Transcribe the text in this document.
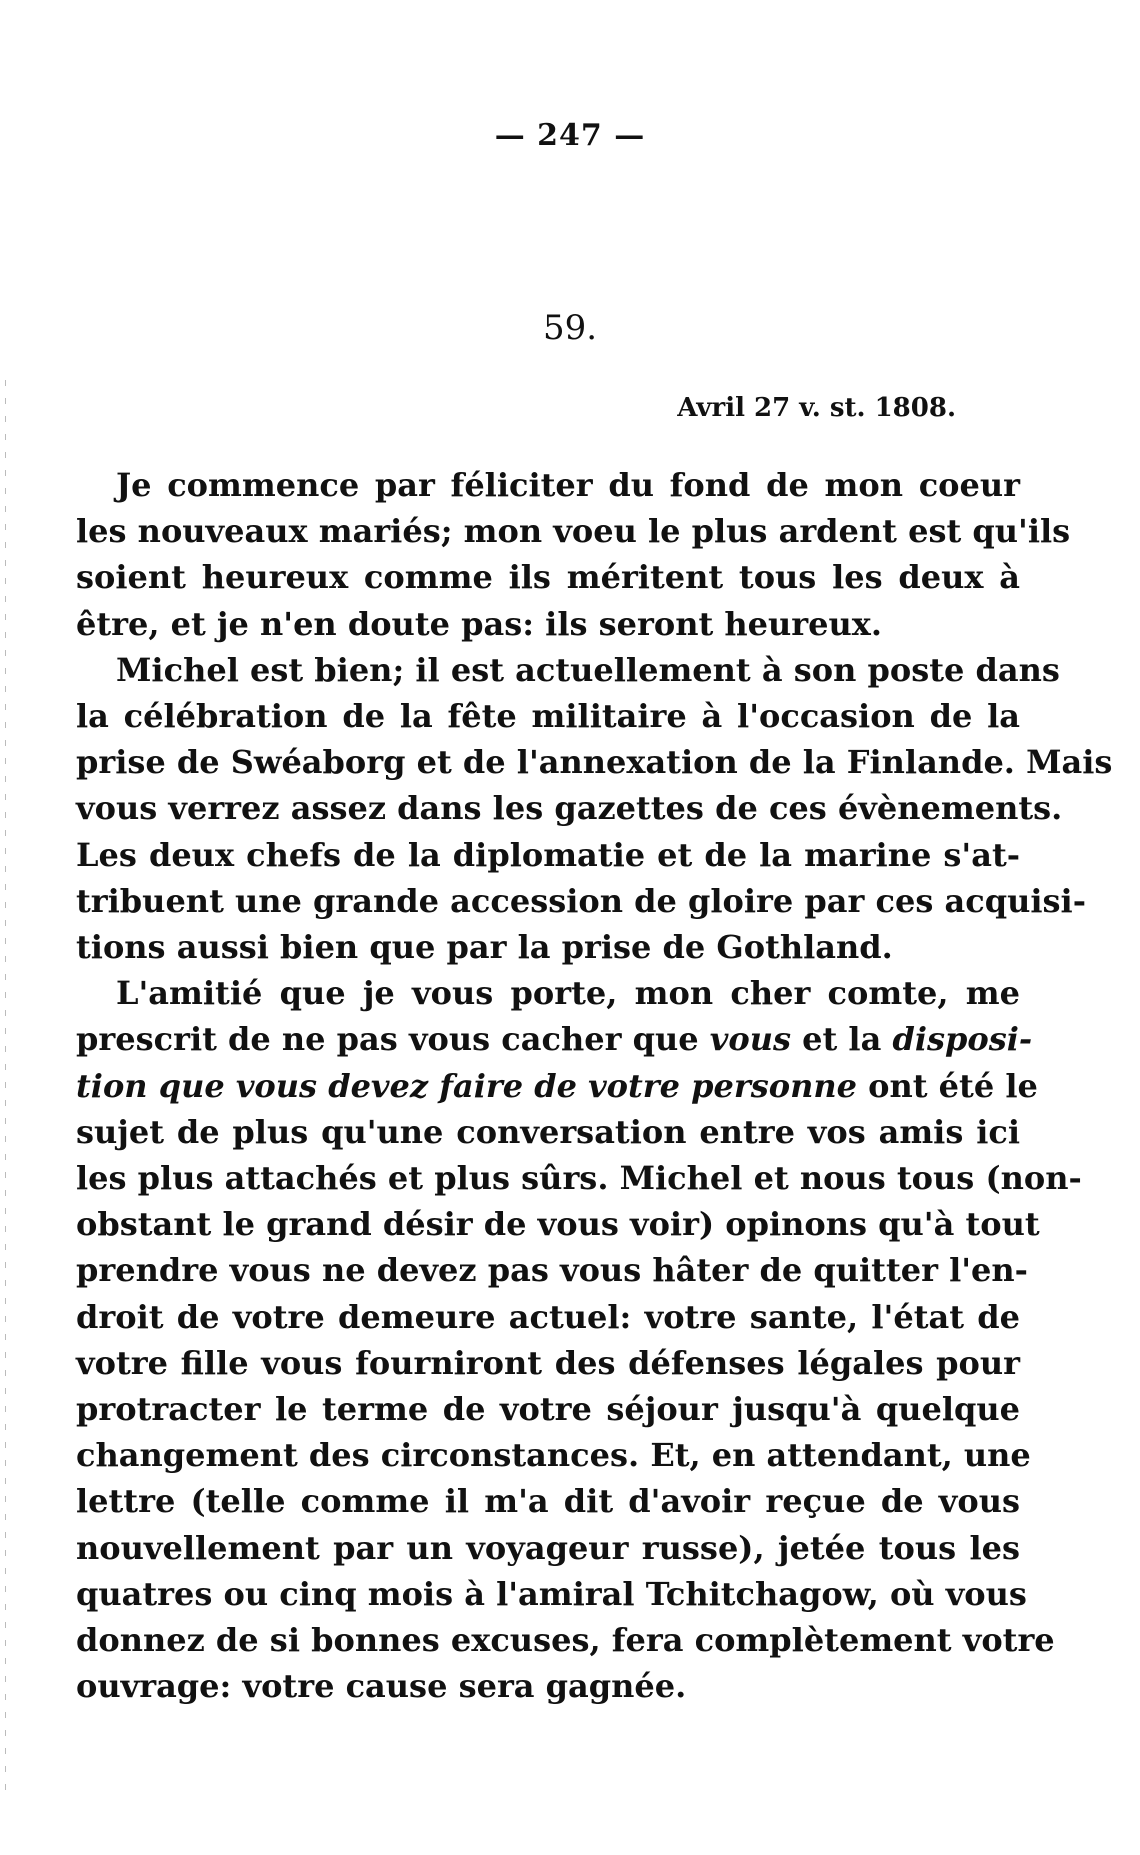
— 247 —
59.
Avril 27 v. st. 1808.
Je commence par féliciter du fond de mon coeur
les nouveaux mariés; mon voeu le plus ardent est qu'ils
soient heureux comme ils méritent tous les deux à
être, et je n'en doute pas: ils seront heureux.
Michel est bien; il est actuellement à son poste dans
la célébration de la fête militaire à l'occasion de la
prise de Swéaborg et de l'annexation de la Finlande. Mais
vous verrez assez dans les gazettes de ces évènements.
Les deux chefs de la diplomatie et de la marine s'at-
tribuent une grande accession de gloire par ces acquisi-
tions aussi bien que par la prise de Gothland.
L'amitié que je vous porte, mon cher comte, me
prescrit de ne pas vous cacher que vous et la disposi-
tion que vous devez faire de votre personne ont été le
sujet de plus qu'une conversation entre vos amis ici
les plus attachés et plus sûrs. Michel et nous tous (non-
obstant le grand désir de vous voir) opinons qu'à tout
prendre vous ne devez pas vous hâter de quitter l'en-
droit de votre demeure actuel: votre sante, l'état de
votre fille vous fourniront des défenses légales pour
protracter le terme de votre séjour jusqu'à quelque
changement des circonstances. Et, en attendant, une
lettre (telle comme il m'a dit d'avoir reçue de vous
nouvellement par un voyageur russe), jetée tous les
quatres ou cinq mois à l'amiral Tchitchagow, où vous
donnez de si bonnes excuses, fera complètement votre
ouvrage: votre cause sera gagnée.
